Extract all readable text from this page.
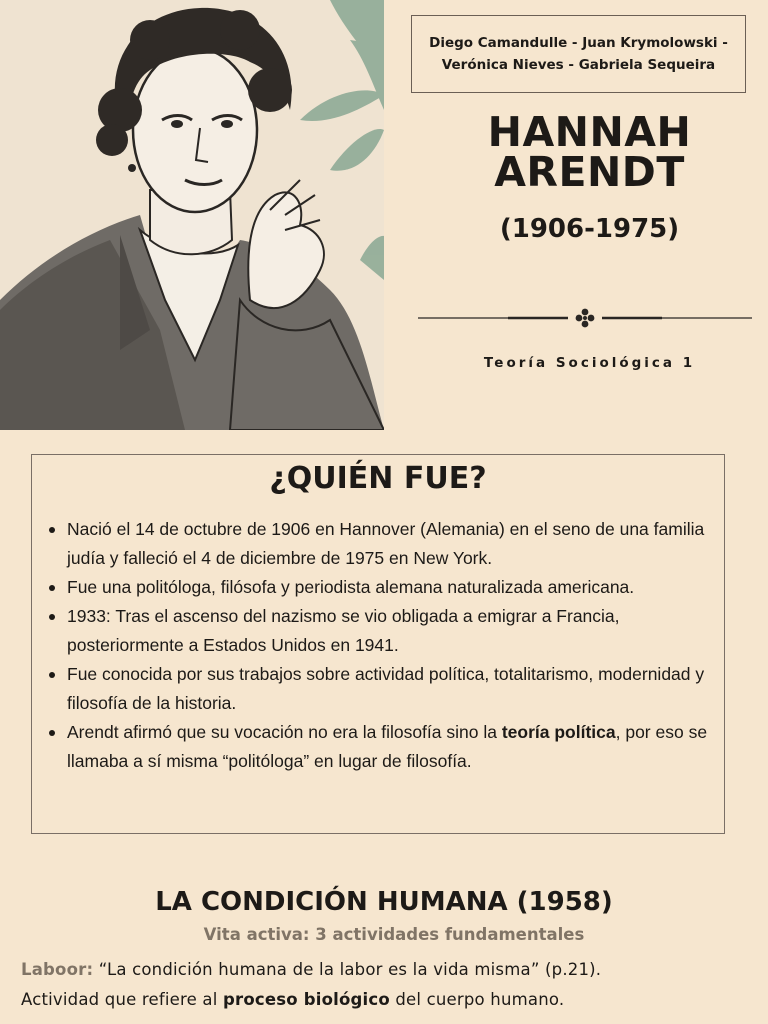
Diego Camandulle - Juan Krymolowski -
Verónica Nieves - Gabriela Sequeira
HANNAH
ARENDT
(1906-1975)
Teoría Sociológica 1
¿QUIÉN FUE?
Nació el 14 de octubre de 1906 en Hannover (Alemania) en el seno de una familia judía y falleció el 4 de diciembre de 1975 en New York.
Fue una politóloga, filósofa y periodista alemana naturalizada americana.
1933: Tras el ascenso del nazismo se vio obligada a emigrar a Francia, posteriormente a Estados Unidos en 1941.
Fue conocida por sus trabajos sobre actividad política, totalitarismo, modernidad y filosofía de la historia.
Arendt afirmó que su vocación no era la filosofía sino la teoría política, por eso se llamaba a sí misma “politóloga” en lugar de filosofía.
LA CONDICIÓN HUMANA (1958)
Vita activa: 3 actividades fundamentales
Laboor: “La condición humana de la labor es la vida misma” (p.21).
Actividad que refiere al proceso biológico del cuerpo humano.
